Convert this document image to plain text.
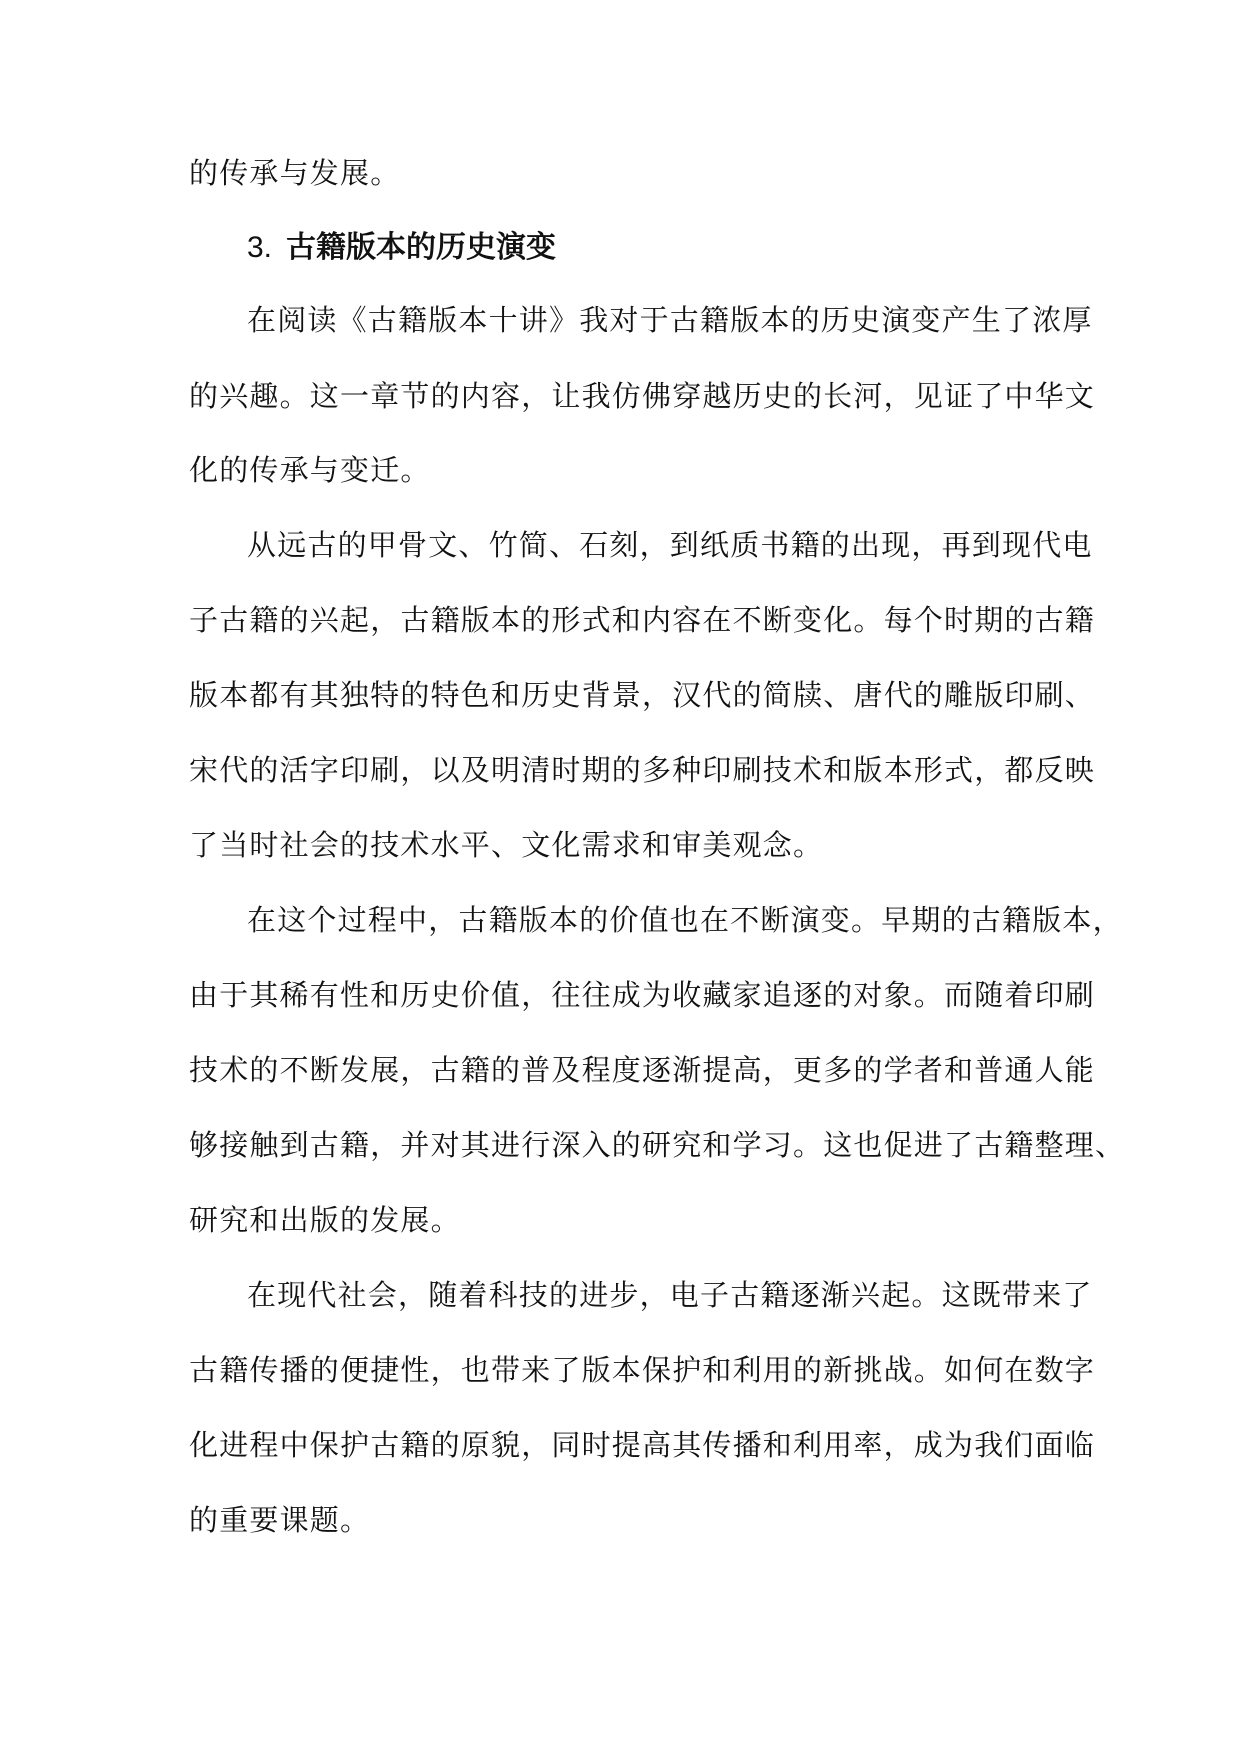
的传承与发展。
3. 古籍版本的历史演变
在阅读《古籍版本十讲》我对于古籍版本的历史演变产生了浓厚
的兴趣。这一章节的内容，让我仿佛穿越历史的长河，见证了中华文
化的传承与变迁。
从远古的甲骨文、竹简、石刻，到纸质书籍的出现，再到现代电
子古籍的兴起，古籍版本的形式和内容在不断变化。每个时期的古籍
版本都有其独特的特色和历史背景，汉代的简牍、唐代的雕版印刷、
宋代的活字印刷，以及明清时期的多种印刷技术和版本形式，都反映
了当时社会的技术水平、文化需求和审美观念。
在这个过程中，古籍版本的价值也在不断演变。早期的古籍版本，
由于其稀有性和历史价值，往往成为收藏家追逐的对象。而随着印刷
技术的不断发展，古籍的普及程度逐渐提高，更多的学者和普通人能
够接触到古籍，并对其进行深入的研究和学习。这也促进了古籍整理、
研究和出版的发展。
在现代社会，随着科技的进步，电子古籍逐渐兴起。这既带来了
古籍传播的便捷性，也带来了版本保护和利用的新挑战。如何在数字
化进程中保护古籍的原貌，同时提高其传播和利用率，成为我们面临
的重要课题。
